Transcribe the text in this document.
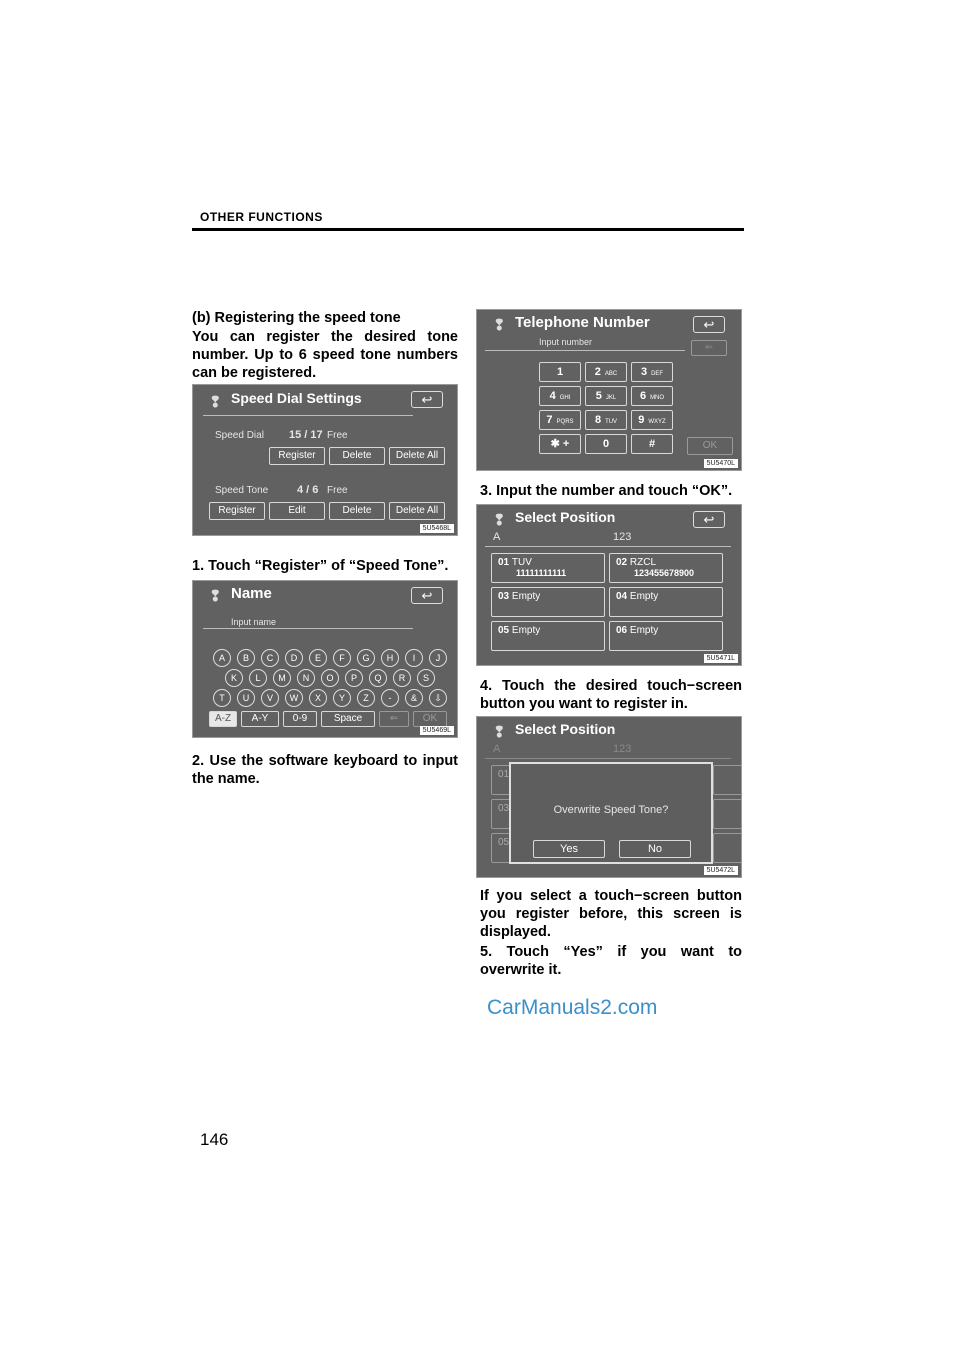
OTHER FUNCTIONS
(b) Registering the speed tone
You can register the desired tone number. Up to 6 speed tone numbers can be registered.
❢ Speed Dial Settings	↩
Speed Dial 15 / 17 Free
Register	Delete	Delete All
Speed Tone	4 / 6 Free
Register	Edit	Delete	Delete All
5U5468L
1. Touch “Register” of “Speed Tone”.
❢ Name	↩
Input name
A	B	C	D	E	F	G	H	I	J
K	L	M	N	O	P	Q	R	S
T	U	V	W	X	Y	Z	-	&	⇩
A-Z	A-Y	0-9	Space	⇐	OK
5U5469L
2. Use the software keyboard to input the name.
❢ Telephone Number	↩
Input number	⇐
1	2 ABC	3 DEF
4 GHI	5 JKL	6 MNO
7 PQRS	8 TUV	9 WXYZ
✱ +	0	#	OK
5U5470L
3. Input the number and touch “OK”.
❢ Select Position	↩
A	123
01 TUV
11111111111
02 RZCL
123455678900
03 Empty	04 Empty
05 Empty	06 Empty
5U5471L
4. Touch the desired touch−screen button you want to register in.
❢ Select Position
A	123
01
03
05
Overwrite Speed Tone?
Yes	No
5U5472L
If you select a touch−screen button you register before, this screen is displayed.
5. Touch “Yes” if you want to overwrite it.
CarManuals2.com
146
